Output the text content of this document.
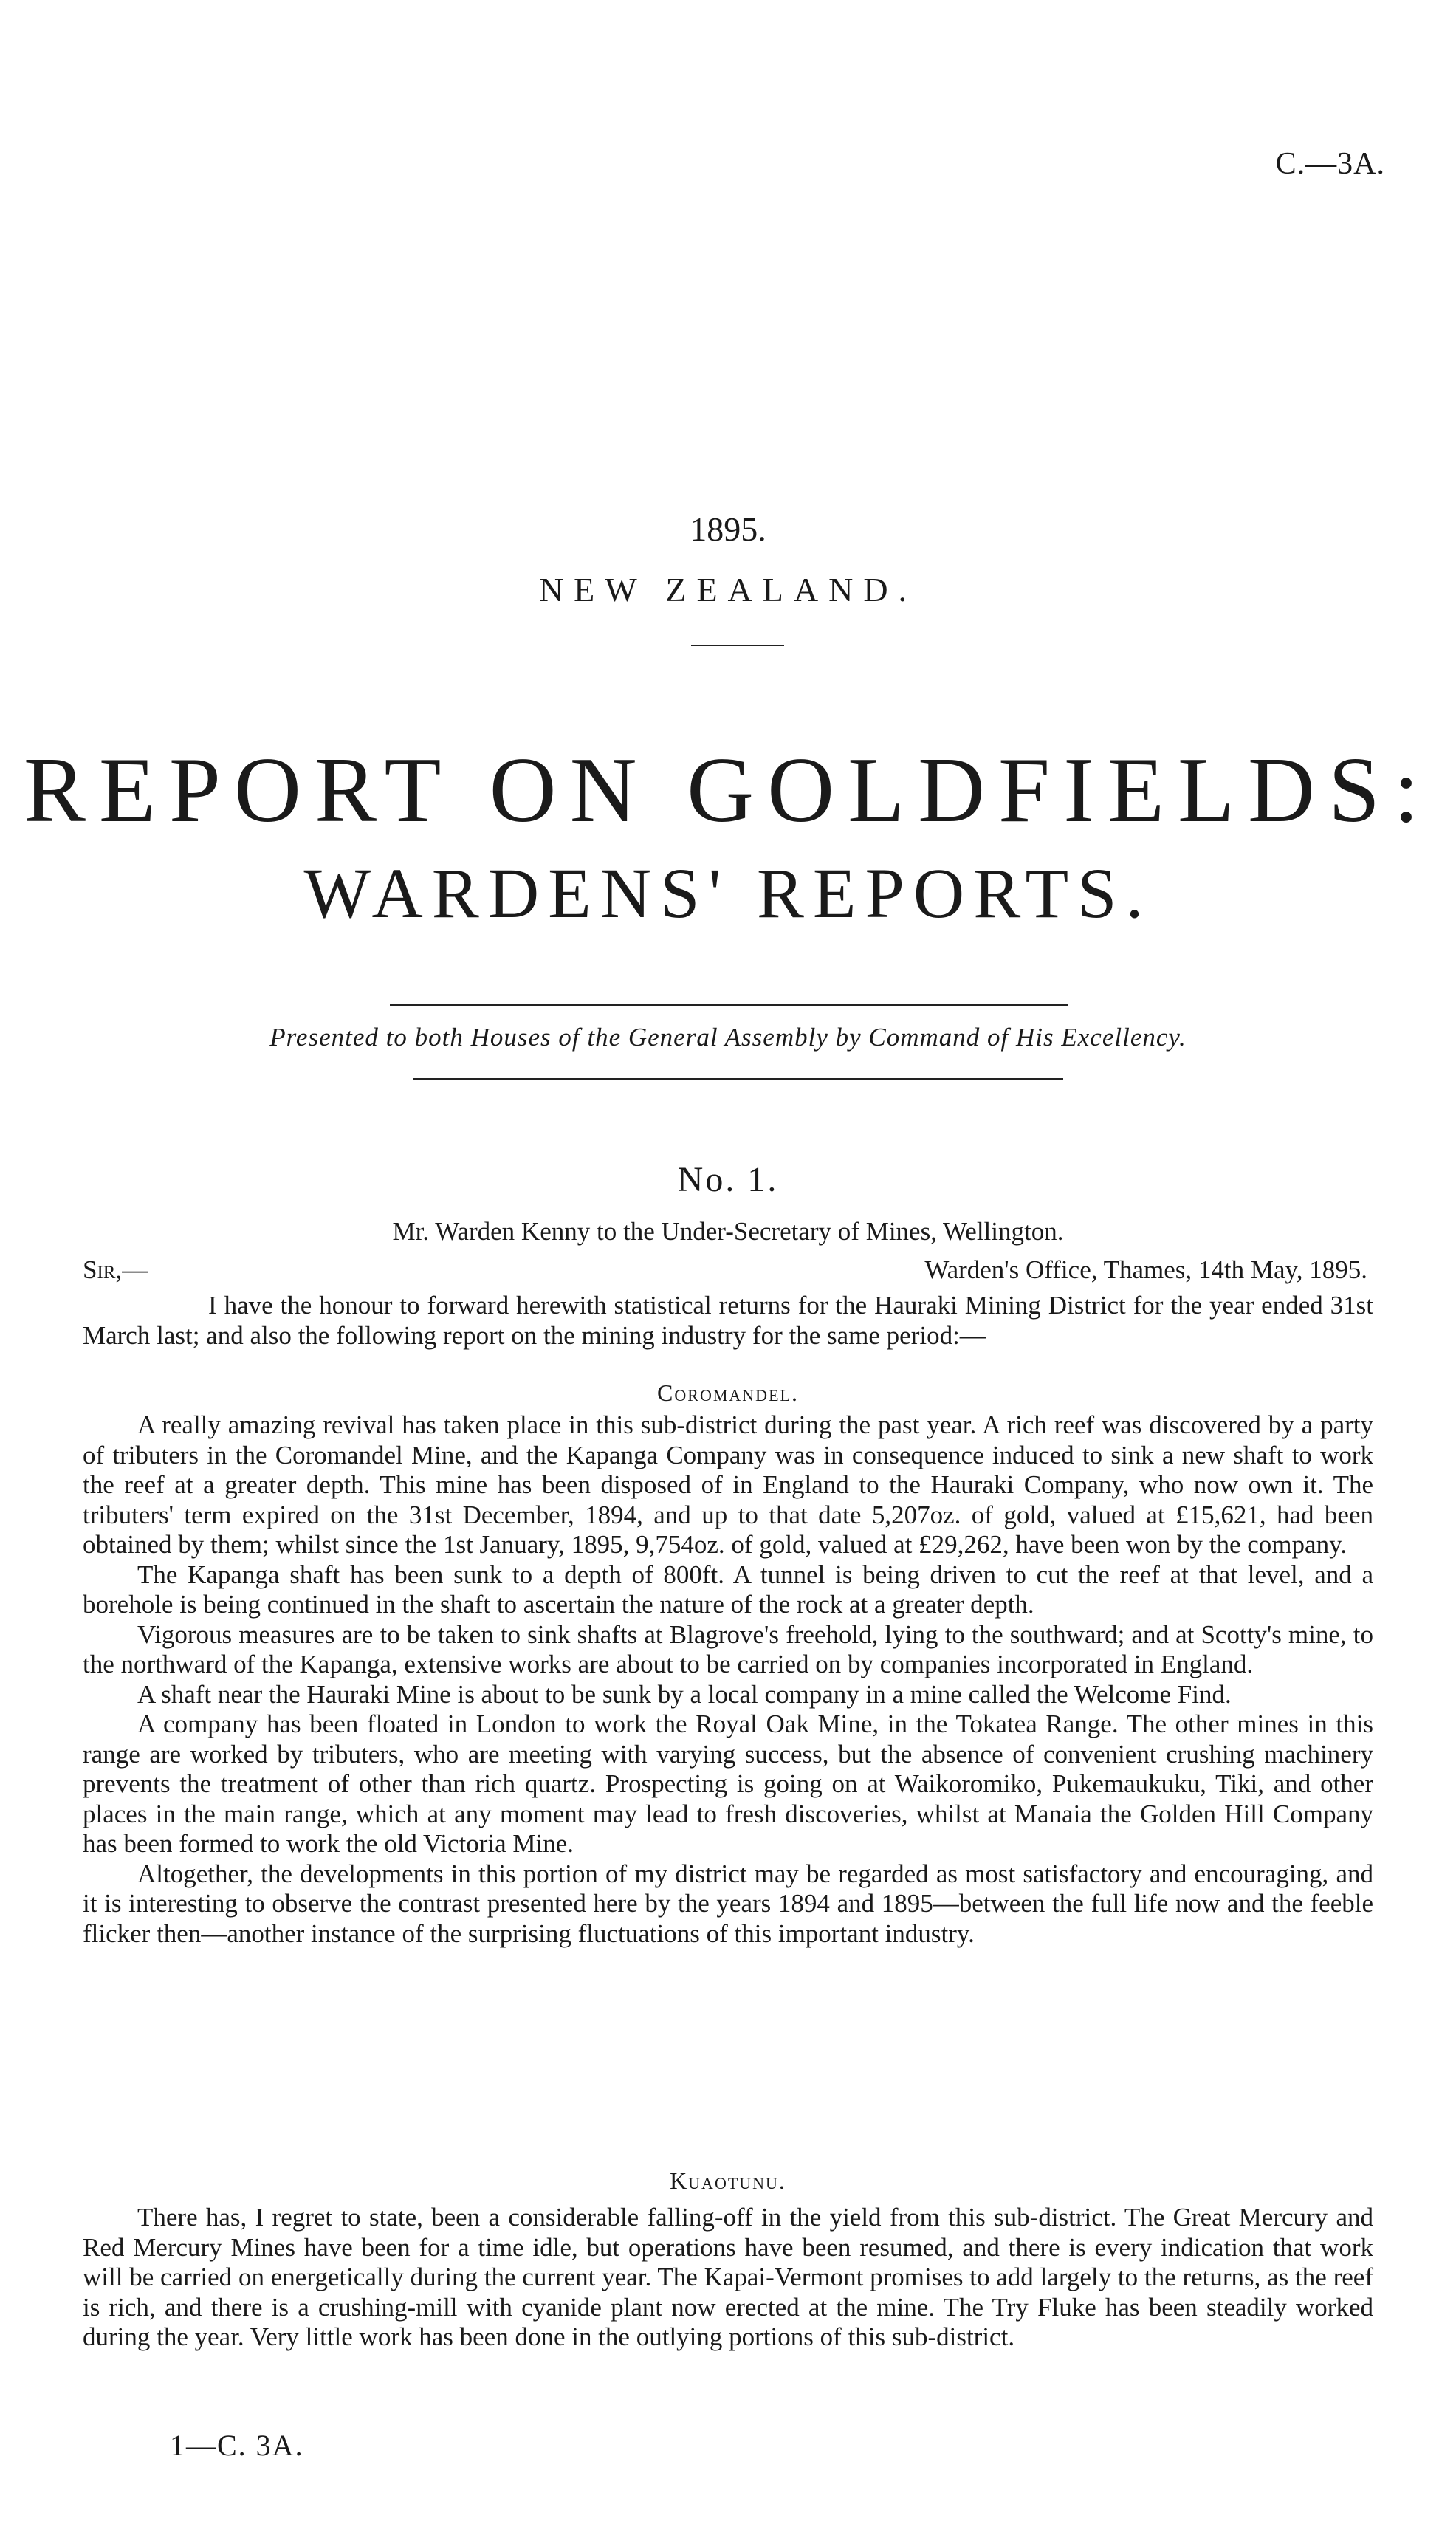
C.—3A.
1895.
NEW ZEALAND.
REPORT ON GOLDFIELDS:
WARDENS' REPORTS.
Presented to both Houses of the General Assembly by Command of His Excellency.
No. 1.
Mr. Warden Kenny to the Under-Secretary of Mines, Wellington.
Sir,—	Warden's Office, Thames, 14th May, 1895.

I have the honour to forward herewith statistical returns for the Hauraki Mining District for the year ended 31st March last; and also the following report on the mining industry for the same period:—

Coromandel.

A really amazing revival has taken place in this sub-district during the past year. A rich reef was discovered by a party of tributers in the Coromandel Mine, and the Kapanga Company was in consequence induced to sink a new shaft to work the reef at a greater depth. This mine has been disposed of in England to the Hauraki Company, who now own it. The tributers' term expired on the 31st December, 1894, and up to that date 5,207oz. of gold, valued at £15,621, had been obtained by them; whilst since the 1st January, 1895, 9,754oz. of gold, valued at £29,262, have been won by the company.

The Kapanga shaft has been sunk to a depth of 800ft. A tunnel is being driven to cut the reef at that level, and a borehole is being continued in the shaft to ascertain the nature of the rock at a greater depth.

Vigorous measures are to be taken to sink shafts at Blagrove's freehold, lying to the southward; and at Scotty's mine, to the northward of the Kapanga, extensive works are about to be carried on by companies incorporated in England.

A shaft near the Hauraki Mine is about to be sunk by a local company in a mine called the Welcome Find.

A company has been floated in London to work the Royal Oak Mine, in the Tokatea Range. The other mines in this range are worked by tributers, who are meeting with varying success, but the absence of convenient crushing machinery prevents the treatment of other than rich quartz. Prospecting is going on at Waikoromiko, Pukemaukuku, Tiki, and other places in the main range, which at any moment may lead to fresh discoveries, whilst at Manaia the Golden Hill Company has been formed to work the old Victoria Mine.

Altogether, the developments in this portion of my district may be regarded as most satisfactory and encouraging, and it is interesting to observe the contrast presented here by the years 1894 and 1895—between the full life now and the feeble flicker then—another instance of the surprising fluctuations of this important industry.

Kuaotunu.

There has, I regret to state, been a considerable falling-off in the yield from this sub-district. The Great Mercury and Red Mercury Mines have been for a time idle, but operations have been resumed, and there is every indication that work will be carried on energetically during the current year. The Kapai-Vermont promises to add largely to the returns, as the reef is rich, and there is a crushing-mill with cyanide plant now erected at the mine. The Try Fluke has been steadily worked during the year. Very little work has been done in the outlying portions of this sub-district.

1—C. 3A.
